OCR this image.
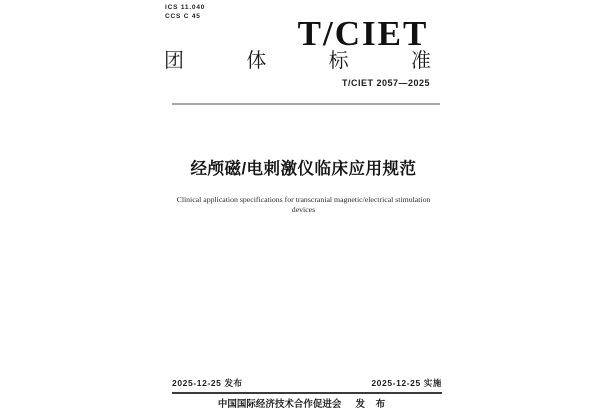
ICS 11.040
CCS C 45	T/CIET
团	体	标	准
T/CIET 2057—2025
经颅磁/电刺激仪临床应用规范
Clinical application specifications for transcranial magnetic/electrical stimulation
devices
2025-12-25 发布	2025-12-25 实施
中国国际经济技术合作促进会 发 布
